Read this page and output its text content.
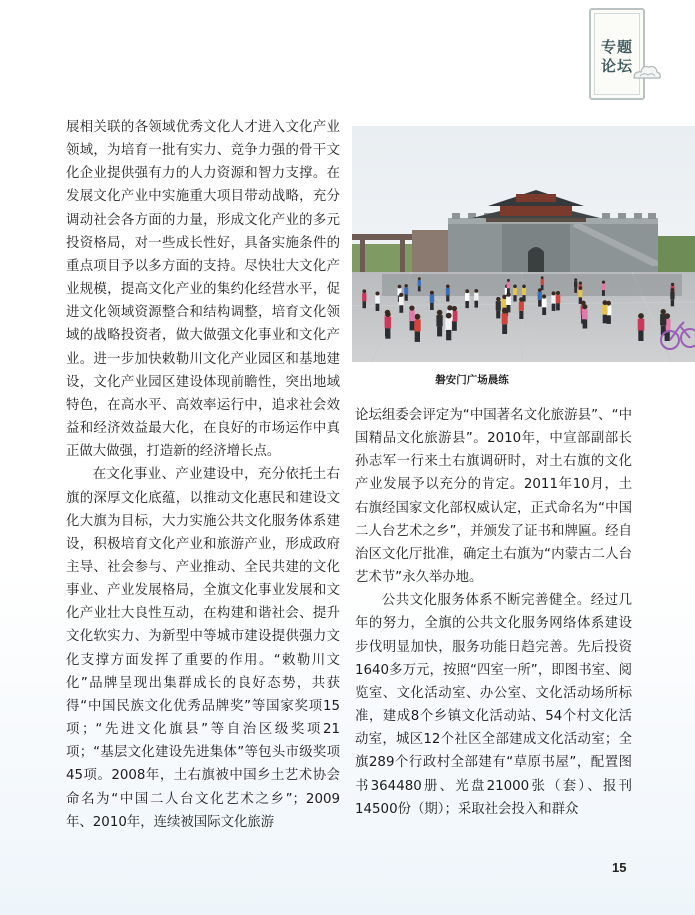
专题
论坛

展相关联的各领域优秀文化人才进入文化产业领域，为培育一批有实力、竞争力强的骨干文化企业提供强有力的人力资源和智力支撑。在发展文化产业中实施重大项目带动战略，充分调动社会各方面的力量，形成文化产业的多元投资格局，对一些成长性好，具备实施条件的重点项目予以多方面的支持。尽快壮大文化产业规模，提高文化产业的集约化经营水平，促进文化领域资源整合和结构调整，培育文化领域的战略投资者，做大做强文化事业和文化产业。进一步加快敕勒川文化产业园区和基地建设，文化产业园区建设体现前瞻性，突出地域特色，在高水平、高效率运行中，追求社会效益和经济效益最大化，在良好的市场运作中真正做大做强，打造新的经济增长点。

在文化事业、产业建设中，充分依托土右旗的深厚文化底蕴，以推动文化惠民和建设文化大旗为目标，大力实施公共文化服务体系建设，积极培育文化产业和旅游产业，形成政府主导、社会参与、产业推动、全民共建的文化事业、产业发展格局，全旗文化事业发展和文化产业壮大良性互动，在构建和谐社会、提升文化软实力、为新型中等城市建设提供强力文化支撑方面发挥了重要的作用。“敕勒川文化”品牌呈现出集群成长的良好态势，共获得“中国民族文化优秀品牌奖”等国家奖项15项；“先进文化旗县”等自治区级奖项21项；“基层文化建设先进集体”等包头市级奖项45项。2008年，土右旗被中国乡土艺术协会命名为“中国二人台文化艺术之乡”；2009年、2010年，连续被国际文化旅游

磐安门广场晨练

论坛组委会评定为“中国著名文化旅游县”、“中国精品文化旅游县”。2010年，中宣部副部长孙志军一行来土右旗调研时，对土右旗的文化产业发展予以充分的肯定。2011年10月，土右旗经国家文化部权威认定，正式命名为“中国二人台艺术之乡”，并颁发了证书和牌匾。经自治区文化厅批准，确定土右旗为“内蒙古二人台艺术节”永久举办地。

公共文化服务体系不断完善健全。经过几年的努力，全旗的公共文化服务网络体系建设步伐明显加快，服务功能日趋完善。先后投资1640多万元，按照“四室一所”，即图书室、阅览室、文化活动室、办公室、文化活动场所标准，建成8个乡镇文化活动站、54个村文化活动室，城区12个社区全部建成文化活动室；全旗289个行政村全部建有“草原书屋”，配置图书364480册、光盘21000张（套）、报刊14500份（期）；采取社会投入和群众

15
